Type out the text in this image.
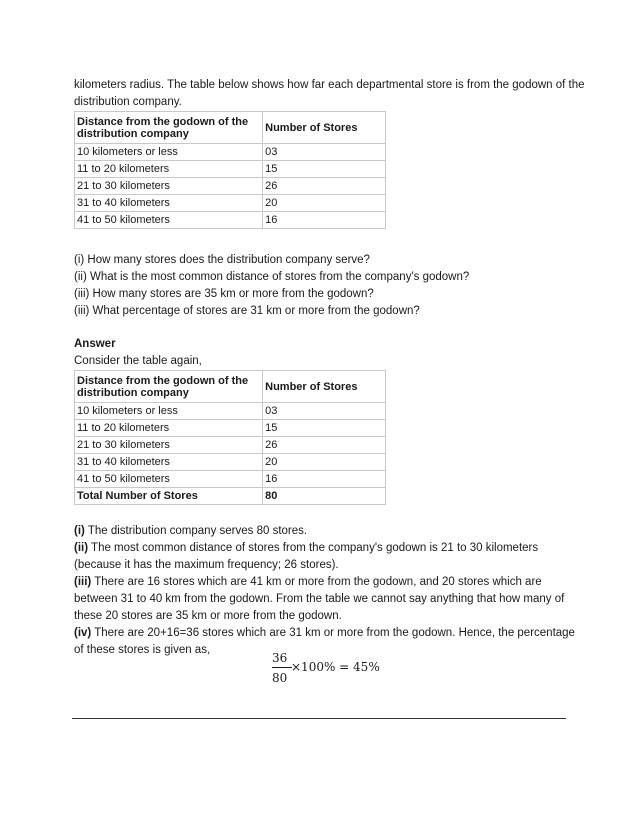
kilometers radius. The table below shows how far each departmental store is from the godown of the
distribution company.
Distance from the godown of the distribution company	Number of Stores
10 kilometers or less	03
11 to 20 kilometers	15
21 to 30 kilometers	26
31 to 40 kilometers	20
41 to 50 kilometers	16
(i) How many stores does the distribution company serve?
(ii) What is the most common distance of stores from the company's godown?
(iii) How many stores are 35 km or more from the godown?
(iii) What percentage of stores are 31 km or more from the godown?
Answer
Consider the table again,
Distance from the godown of the distribution company	Number of Stores
10 kilometers or less	03
11 to 20 kilometers	15
21 to 30 kilometers	26
31 to 40 kilometers	20
41 to 50 kilometers	16
Total Number of Stores	80
(i) The distribution company serves 80 stores.
(ii) The most common distance of stores from the company's godown is 21 to 30 kilometers
(because it has the maximum frequency; 26 stores).
(iii) There are 16 stores which are 41 km or more from the godown, and 20 stores which are
between 31 to 40 km from the godown. From the table we cannot say anything that how many of
these 20 stores are 35 km or more from the godown.
(iv) There are 20+16=36 stores which are 31 km or more from the godown. Hence, the percentage
of these stores is given as,
36
80
×100% = 45%
